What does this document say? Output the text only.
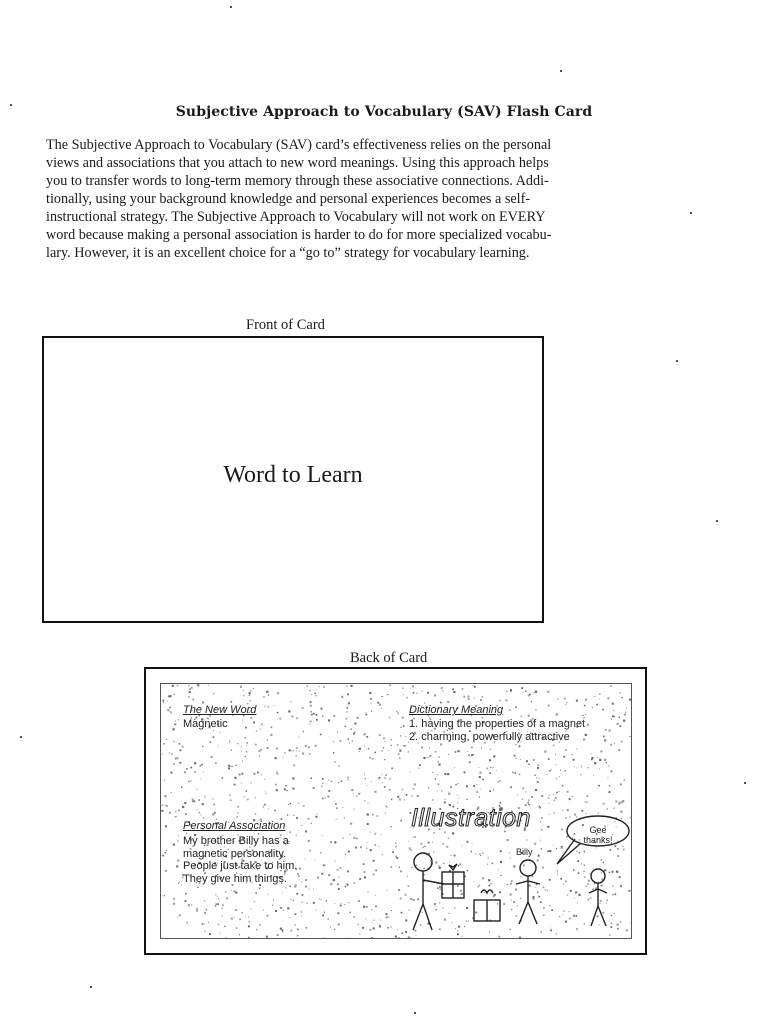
Subjective Approach to Vocabulary (SAV) Flash Card
The Subjective Approach to Vocabulary (SAV) card’s effectiveness relies on the personal
views and associations that you attach to new word meanings. Using this approach helps
you to transfer words to long-term memory through these associative connections. Addi-
tionally, using your background knowledge and personal experiences becomes a self-
instructional strategy. The Subjective Approach to Vocabulary will not work on EVERY
word because making a personal association is harder to do for more specialized vocabu-
lary. However, it is an excellent choice for a “go to” strategy for vocabulary learning.
Front of Card
Word to Learn
Back of Card
The New Word
Magnetic
Dictionary Meaning
1. having the properties of a magnet
2. charming, powerfully attractive
Personal Association
My brother Billy has a
magnetic personality.
People just take to him.
They give him things.
Illustration	Gee
thanks!
Billy
